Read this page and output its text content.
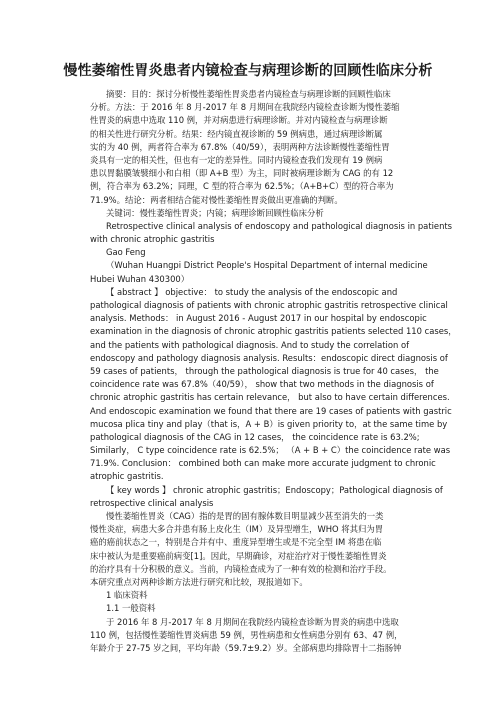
慢性萎缩性胃炎患者内镜检查与病理诊断的回顾性临床分析
摘要：目的：探讨分析慢性萎缩性胃炎患者内镜检查与病理诊断的回顾性临床
分析。方法：于 2016 年 8 月-2017 年 8 月期间在我院经内镜检查诊断为慢性萎缩
性胃炎的病患中选取 110 例，并对病患进行病理诊断。并对内镜检查与病理诊断
的相关性进行研究分析。结果：经内镜直视诊断的 59 例病患，通过病理诊断属
实的为 40 例，两者符合率为 67.8%（40/59），表明两种方法诊断慢性萎缩性胃
炎具有一定的相关性，但也有一定的差异性。同时内镜检查我们发现有 19 例病
患以胃黏膜皱襞细小和白相（即 A+B 型）为主，同时被病理诊断为 CAG 的有 12
例，符合率为 63.2%；同理，C 型的符合率为 62.5%；（A+B+C）型的符合率为
71.9%。结论：两者相结合能对慢性萎缩性胃炎做出更准确的判断。
关键词：慢性萎缩性胃炎；内镜；病理诊断回顾性临床分析
Retrospective clinical analysis of endoscopy and pathological diagnosis in patients
with chronic atrophic gastritis
Gao Feng
（Wuhan Huangpi District People's Hospital Department of internal medicine
Hubei Wuhan 430300）
【 abstract 】 objective： to study the analysis of the endoscopic and
pathological diagnosis of patients with chronic atrophic gastritis retrospective clinical
analysis. Methods： in August 2016 - August 2017 in our hospital by endoscopic
examination in the diagnosis of chronic atrophic gastritis patients selected 110 cases，
and the patients with pathological diagnosis. And to study the correlation of
endoscopy and pathology diagnosis analysis. Results：endoscopic direct diagnosis of
59 cases of patients， through the pathological diagnosis is true for 40 cases， the
coincidence rate was 67.8%（40/59）， show that two methods in the diagnosis of
chronic atrophic gastritis has certain relevance， but also to have certain differences.
And endoscopic examination we found that there are 19 cases of patients with gastric
mucosa plica tiny and play（that is，A + B）is given priority to，at the same time by
pathological diagnosis of the CAG in 12 cases， the coincidence rate is 63.2%;
Similarly， C type coincidence rate is 62.5%； （A + B + C）the coincidence rate was
71.9%. Conclusion： combined both can make more accurate judgment to chronic
atrophic gastritis.
【 key words 】 chronic atrophic gastritis；Endoscopy；Pathological diagnosis of
retrospective clinical analysis
慢性萎缩性胃炎（CAG）指的是胃的固有腺体数目明显减少甚至消失的一类
慢性炎症，病患大多合并患有肠上皮化生（IM）及异型增生，WHO 将其归为胃
癌的癌前状态之一，特别是合并有中、重度异型增生或是不完全型 IM 将患在临
床中被认为是重要癌前病变[1]。因此，早期确诊，对症治疗对于慢性萎缩性胃炎
的治疗具有十分积极的意义。当前，内镜检查成为了一种有效的检测和治疗手段。
本研究重点对两种诊断方法进行研究和比较，现报道如下。
1 临床资料
1.1 一般资料
于 2016 年 8 月-2017 年 8 月期间在我院经内镜检查诊断为胃炎的病患中选取
110 例，包括慢性萎缩性胃炎病患 59 例，男性病患和女性病患分别有 63、47 例，
年龄介于 27-75 岁之间，平均年龄（59.7±9.2）岁。全部病患均排除胃十二指肠钟
